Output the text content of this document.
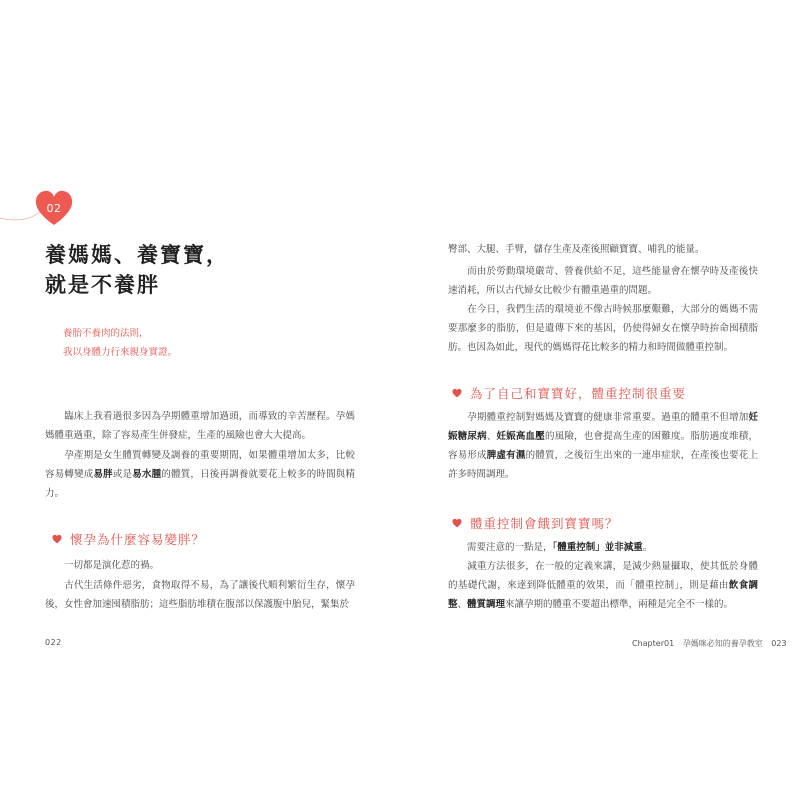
02
養媽媽、養寶寶，
就是不養胖
養胎不養肉的法則，
我以身體力行來親身實證。

臨床上我看過很多因為孕期體重增加過頭，而導致的辛苦歷程。孕媽媽體重過重，除了容易產生併發症，生產的風險也會大大提高。

孕產期是女生體質轉變及調養的重要期間，如果體重增加太多，比較容易轉變成易胖或是易水腫的體質，日後再調養就要花上較多的時間與精力。

懷孕為什麼容易變胖？

一切都是演化惹的禍。

古代生活條件惡劣，食物取得不易，為了讓後代順利繁衍生存，懷孕後，女性會加速囤積脂肪；這些脂肪堆積在腹部以保護腹中胎兒，緊集於

022

臀部、大腿、手臂，儲存生產及產後照顧寶寶、哺乳的能量。

而由於勞動環境嚴苛、營養供給不足，這些能量會在懷孕時及產後快速消耗，所以古代婦女比較少有體重過重的問題。

在今日，我們生活的環境並不像古時候那麼艱難，大部分的媽媽不需要那麼多的脂肪，但是遺傳下來的基因，仍使得婦女在懷孕時拚命囤積脂肪。也因為如此，現代的媽媽得花比較多的精力和時間做體重控制。

為了自己和寶寶好，體重控制很重要

孕期體重控制對媽媽及寶寶的健康非常重要。過重的體重不但增加妊娠糖尿病、妊娠高血壓的風險，也會提高生產的困難度。脂肪過度堆積，容易形成脾虛有濕的體質，之後衍生出來的一連串症狀，在產後也要花上許多時間調理。

體重控制會餓到寶寶嗎？

需要注意的一點是，「體重控制」並非減重。

減重方法很多，在一般的定義來講，是減少熱量攝取，使其低於身體的基礎代謝，來達到降低體重的效果，而「體重控制」，則是藉由飲食調整、體質調理來讓孕期的體重不要超出標準，兩種是完全不一樣的。

Chapter01 孕媽咪必知的養孕教室 023
